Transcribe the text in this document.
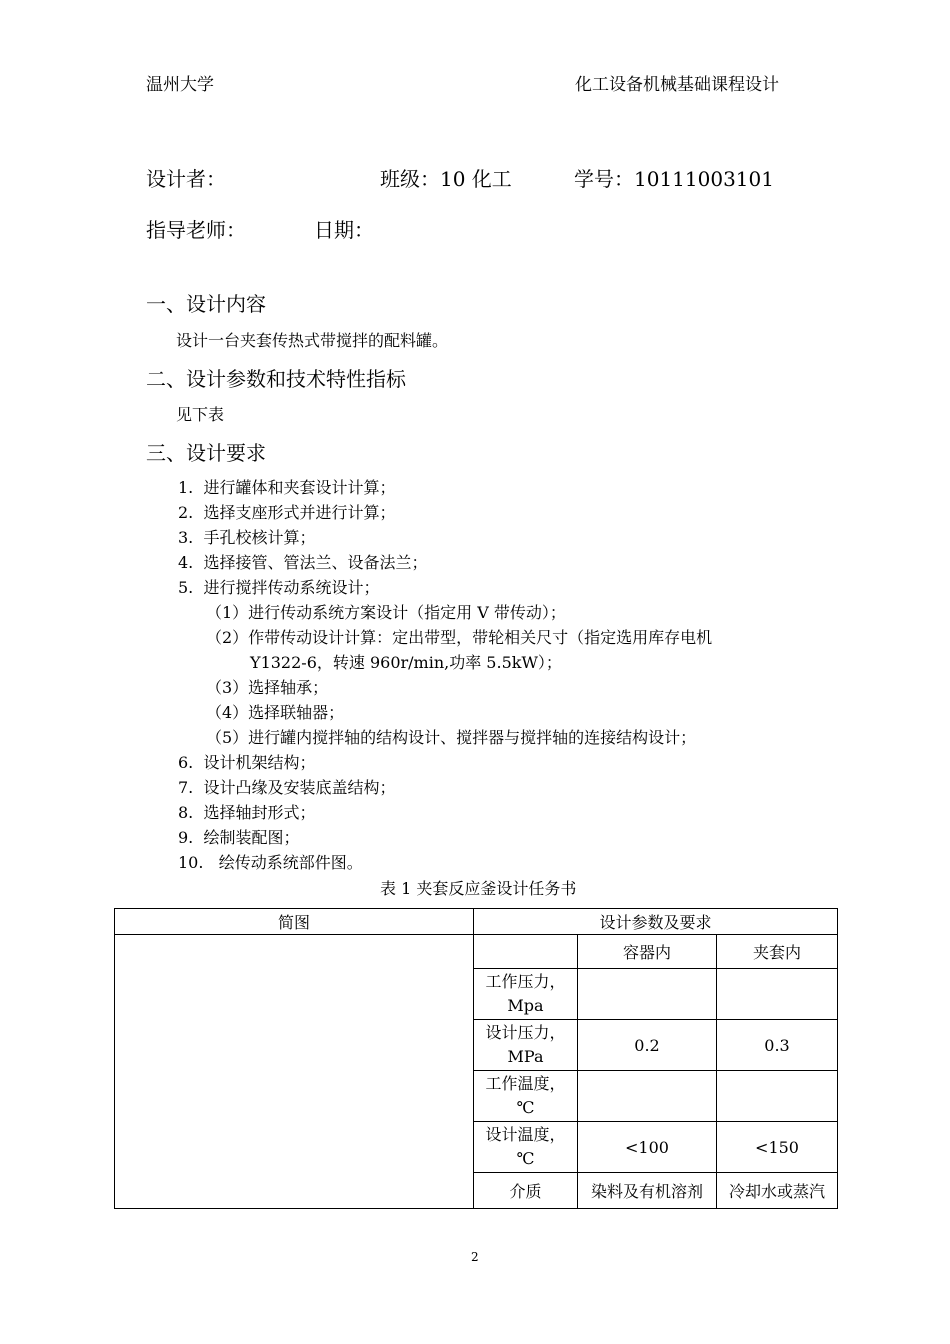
温州大学	化工设备机械基础课程设计
设计者：	班级：10 化工	学号：10111003101
指导老师：	日期：
一、设计内容
设计一台夹套传热式带搅拌的配料罐。
二、设计参数和技术特性指标
见下表
三、设计要求
1. 进行罐体和夹套设计计算；
2. 选择支座形式并进行计算；
3. 手孔校核计算；
4. 选择接管、管法兰、设备法兰；
5. 进行搅拌传动系统设计；
（1）进行传动系统方案设计（指定用 V 带传动）；
（2）作带传动设计计算：定出带型，带轮相关尺寸（指定选用库存电机
Y1322-6，转速 960r/min,功率 5.5kW）；
（3）选择轴承；
（4）选择联轴器；
（5）进行罐内搅拌轴的结构设计、搅拌器与搅拌轴的连接结构设计；
6. 设计机架结构；
7. 设计凸缘及安装底盖结构；
8. 选择轴封形式；
9. 绘制装配图；
10. 绘传动系统部件图。
表 1 夹套反应釜设计任务书
简图	设计参数及要求		
		容器内	夹套内
	工作压力，
Mpa		
	设计压力，
MPa	0.2	0.3
	工作温度，
℃		
	设计温度，
℃	<100	<150
	介质	染料及有机溶剂	冷却水或蒸汽
2
